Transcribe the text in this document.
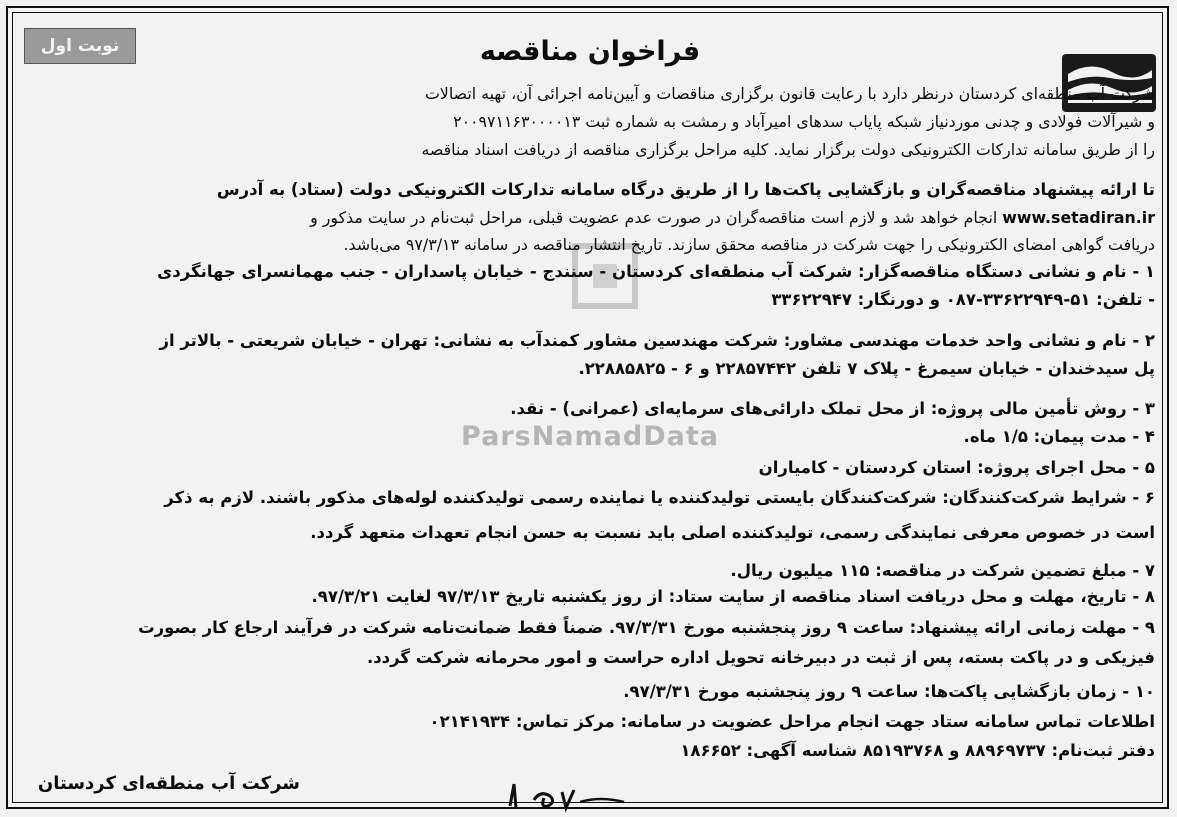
نوبت اول	فراخوان مناقصه
ParsNamadData
شرکت آب منطقه‌ای کردستان درنظر دارد با رعایت قانون برگزاری مناقصات و آیین‌نامه اجرائی آن، تهیه اتصالات
و شیرآلات فولادی و چدنی موردنیاز شبکه پایاب سدهای امیرآباد و رمشت به شماره ثبت ۲۰۰۹۷۱۱۶۳۰۰۰۰۱۳
را از طریق سامانه تدارکات الکترونیکی دولت برگزار نماید. کلیه مراحل برگزاری مناقصه از دریافت اسناد مناقصه
تا ارائه پیشنهاد مناقصه‌گران و بازگشایی پاکت‌ها را از طریق درگاه سامانه تدارکات الکترونیکی دولت (ستاد) به آدرس
www.setadiran.ir انجام خواهد شد و لازم است مناقصه‌گران در صورت عدم عضویت قبلی، مراحل ثبت‌نام در سایت مذکور و
دریافت گواهی امضای الکترونیکی را جهت شرکت در مناقصه محقق سازند. تاریخ انتشار مناقصه در سامانه ۹۷/۳/۱۳ می‌باشد.
۱ - نام و نشانی دستگاه مناقصه‌گزار: شرکت آب منطقه‌ای کردستان - سنندج - خیابان پاسداران - جنب مهمانسرای جهانگردی
- تلفن: ۵۱-۳۳۶۲۲۹۴۹-۰۸۷ و دورنگار: ۳۳۶۲۲۹۴۷
۲ - نام و نشانی واحد خدمات مهندسی مشاور: شرکت مهندسین مشاور کمندآب به نشانی: تهران - خیابان شریعتی - بالاتر از
پل سیدخندان - خیابان سیمرغ - پلاک ۷ تلفن ۲۲۸۵۷۴۴۲ و ۶ - ۲۲۸۸۵۸۲۵.
۳ - روش تأمین مالی پروژه: از محل تملک دارائی‌های سرمایه‌ای (عمرانی) - نقد.
۴ - مدت پیمان: ۱/۵ ماه.
۵ - محل اجرای پروژه: استان کردستان - کامیاران
۶ - شرایط شرکت‌کنندگان: شرکت‌کنندگان بایستی تولیدکننده یا نماینده رسمی تولیدکننده لوله‌های مذکور باشند. لازم به ذکر
است در خصوص معرفی نمایندگی رسمی، تولیدکننده اصلی باید نسبت به حسن انجام تعهدات متعهد گردد.
۷ - مبلغ تضمین شرکت در مناقصه: ۱۱۵ میلیون ریال.
۸ - تاریخ، مهلت و محل دریافت اسناد مناقصه از سایت ستاد: از روز یکشنبه تاریخ ۹۷/۳/۱۳ لغایت ۹۷/۳/۲۱.
۹ - مهلت زمانی ارائه پیشنهاد: ساعت ۹ روز پنجشنبه مورخ ۹۷/۳/۳۱. ضمناً فقط ضمانت‌نامه شرکت در فرآیند ارجاع کار بصورت
فیزیکی و در پاکت بسته، پس از ثبت در دبیرخانه تحویل اداره حراست و امور محرمانه شرکت گردد.
۱۰ - زمان بازگشایی پاکت‌ها: ساعت ۹ روز پنجشنبه مورخ ۹۷/۳/۳۱.
اطلاعات تماس سامانه ستاد جهت انجام مراحل عضویت در سامانه: مرکز تماس: ۰۲۱۴۱۹۳۴
دفتر ثبت‌نام: ۸۸۹۶۹۷۳۷ و ۸۵۱۹۳۷۶۸ شناسه آگهی: ۱۸۶۶۵۲
شرکت آب منطقه‌ای کردستان
